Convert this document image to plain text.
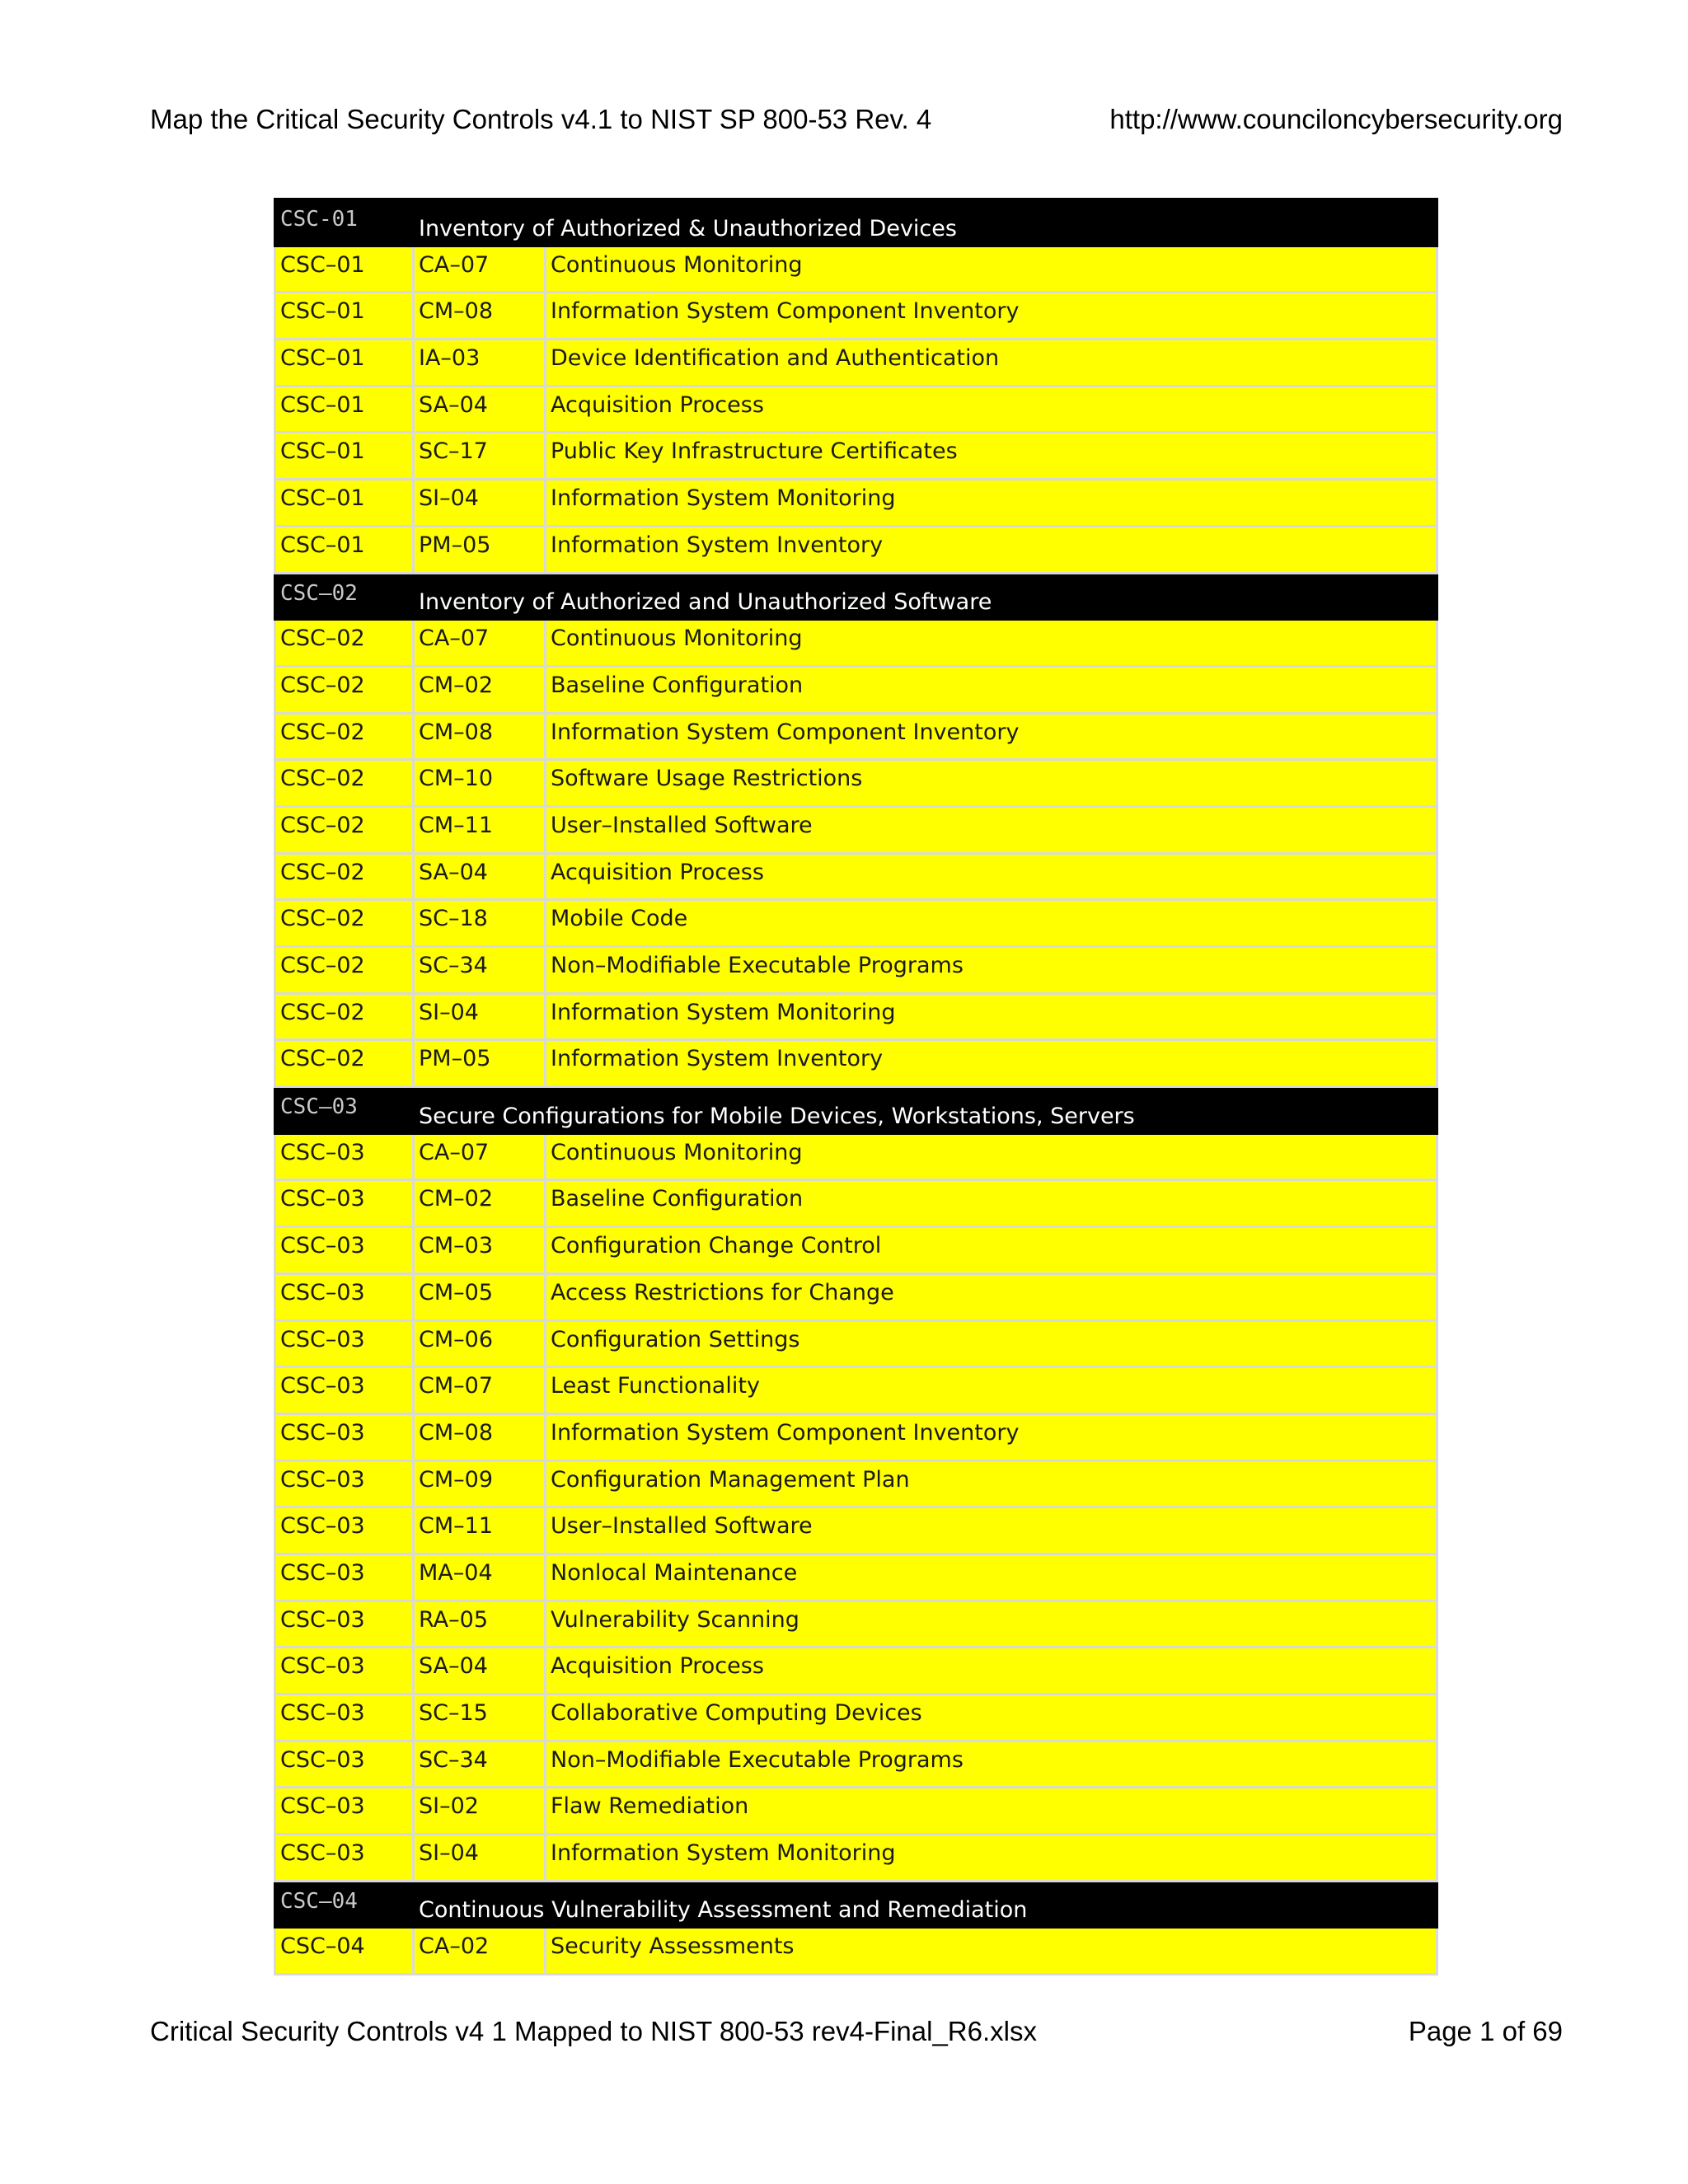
Map the Critical Security Controls v4.1 to NIST SP 800-53 Rev. 4	http://www.counciloncybersecurity.org
CSC-01	Inventory of Authorized & Unauthorized Devices	
CSC–01	CA–07	Continuous Monitoring
CSC–01	CM–08	Information System Component Inventory
CSC–01	IA–03	Device Identification and Authentication
CSC–01	SA–04	Acquisition Process
CSC–01	SC–17	Public Key Infrastructure Certificates
CSC–01	SI–04	Information System Monitoring
CSC–01	PM–05	Information System Inventory
CSC–02	Inventory of Authorized and Unauthorized Software	
CSC–02	CA–07	Continuous Monitoring
CSC–02	CM–02	Baseline Configuration
CSC–02	CM–08	Information System Component Inventory
CSC–02	CM–10	Software Usage Restrictions
CSC–02	CM–11	User–Installed Software
CSC–02	SA–04	Acquisition Process
CSC–02	SC–18	Mobile Code
CSC–02	SC–34	Non–Modifiable Executable Programs
CSC–02	SI–04	Information System Monitoring
CSC–02	PM–05	Information System Inventory
CSC–03	Secure Configurations for Mobile Devices, Workstations, Servers	
CSC–03	CA–07	Continuous Monitoring
CSC–03	CM–02	Baseline Configuration
CSC–03	CM–03	Configuration Change Control
CSC–03	CM–05	Access Restrictions for Change
CSC–03	CM–06	Configuration Settings
CSC–03	CM–07	Least Functionality
CSC–03	CM–08	Information System Component Inventory
CSC–03	CM–09	Configuration Management Plan
CSC–03	CM–11	User–Installed Software
CSC–03	MA–04	Nonlocal Maintenance
CSC–03	RA–05	Vulnerability Scanning
CSC–03	SA–04	Acquisition Process
CSC–03	SC–15	Collaborative Computing Devices
CSC–03	SC–34	Non–Modifiable Executable Programs
CSC–03	SI–02	Flaw Remediation
CSC–03	SI–04	Information System Monitoring
CSC–04	Continuous Vulnerability Assessment and Remediation	
CSC–04	CA–02	Security Assessments
Critical Security Controls v4 1 Mapped to NIST 800-53 rev4-Final_R6.xlsx	Page 1 of 69
